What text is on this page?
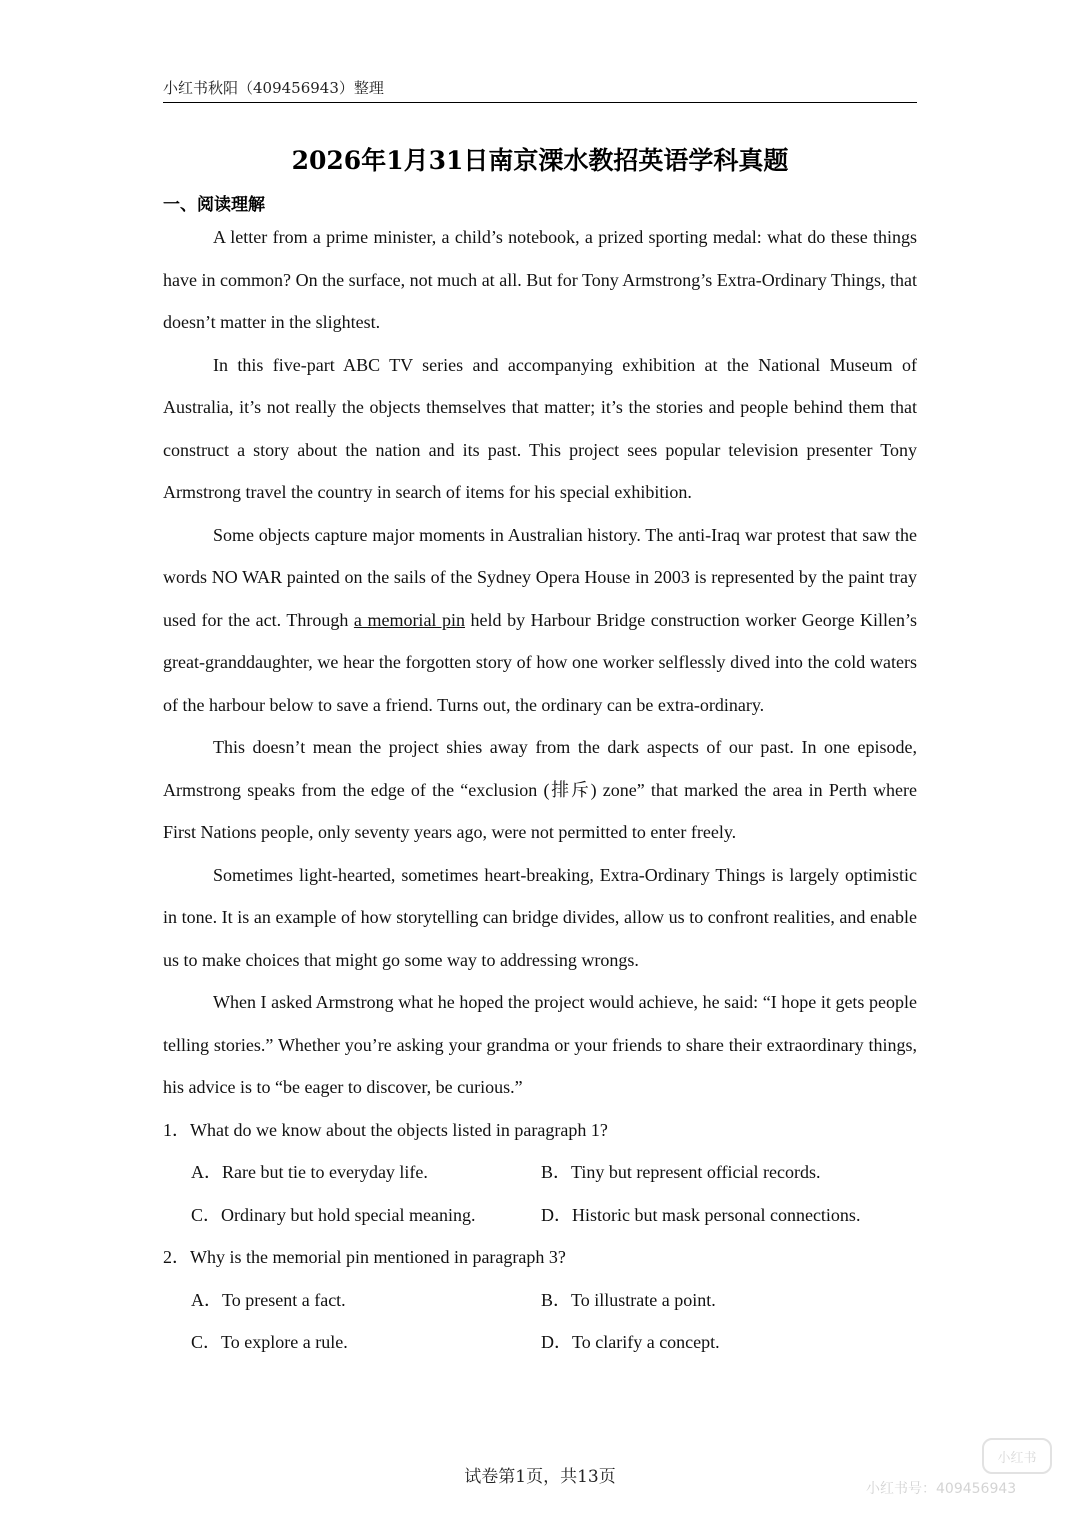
小红书秋阳（409456943）整理
2026年1月31日南京溧水教招英语学科真题
一、阅读理解

A letter from a prime minister, a child’s notebook, a prized sporting medal: what do these things have in common? On the surface, not much at all. But for Tony Armstrong’s Extra-Ordinary Things, that doesn’t matter in the slightest.

In this five-part ABC TV series and accompanying exhibition at the National Museum of Australia, it’s not really the objects themselves that matter; it’s the stories and people behind them that construct a story about the nation and its past. This project sees popular television presenter Tony Armstrong travel the country in search of items for his special exhibition.

Some objects capture major moments in Australian history. The anti-Iraq war protest that saw the words NO WAR painted on the sails of the Sydney Opera House in 2003 is represented by the paint tray used for the act. Through a memorial pin held by Harbour Bridge construction worker George Killen’s great-granddaughter, we hear the forgotten story of how one worker selflessly dived into the cold waters of the harbour below to save a friend. Turns out, the ordinary can be extra-ordinary.

This doesn’t mean the project shies away from the dark aspects of our past. In one episode, Armstrong speaks from the edge of the “exclusion (排斥) zone” that marked the area in Perth where First Nations people, only seventy years ago, were not permitted to enter freely.

Sometimes light-hearted, sometimes heart-breaking, Extra-Ordinary Things is largely optimistic in tone. It is an example of how storytelling can bridge divides, allow us to confront realities, and enable us to make choices that might go some way to addressing wrongs.

When I asked Armstrong what he hoped the project would achieve, he said: “I hope it gets people telling stories.” Whether you’re asking your grandma or your friends to share their extraordinary things, his advice is to “be eager to discover, be curious.”

1．What do we know about the objects listed in paragraph 1?

A．Rare but tie to everyday life.	B．Tiny but represent official records.
C．Ordinary but hold special meaning.	D．Historic but mask personal connections.

2．Why is the memorial pin mentioned in paragraph 3?

A．To present a fact.	B．To illustrate a point.
C．To explore a rule.	D．To clarify a concept.
试卷第1页，共13页
小红书
小红书号：409456943
